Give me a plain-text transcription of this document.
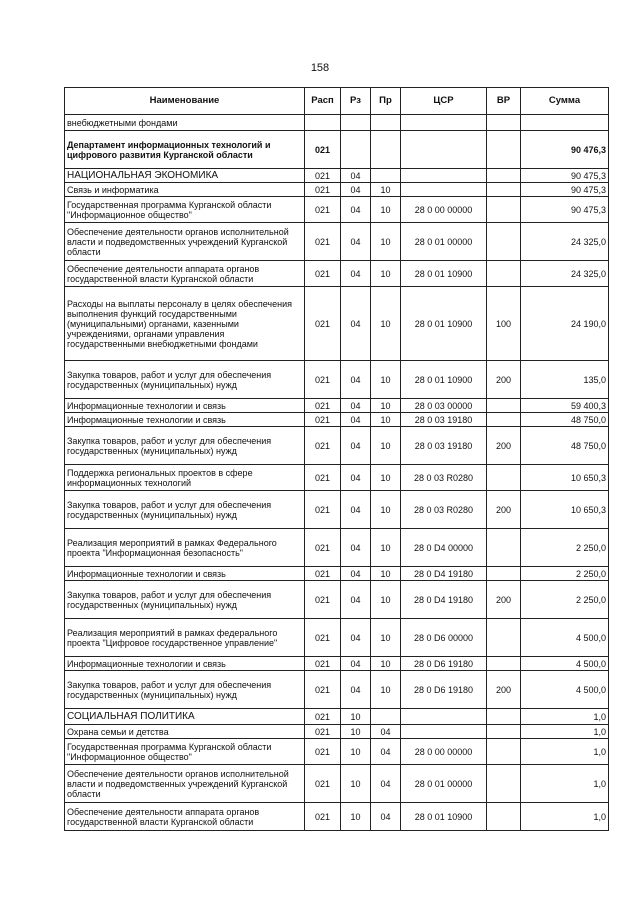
158
Наименование	Расп	Рз	Пр	ЦСР	ВР	Сумма
внебюджетными фондами						
Департамент информационных технологий и цифрового развития Курганской области	021					90 476,3
НАЦИОНАЛЬНАЯ ЭКОНОМИКА	021	04				90 475,3
Связь и информатика	021	04	10			90 475,3
Государственная программа Курганской области "Информационное общество"	021	04	10	28 0 00 00000		90 475,3
Обеспечение деятельности органов исполнительной власти и подведомственных учреждений Курганской области	021	04	10	28 0 01 00000		24 325,0
Обеспечение деятельности аппарата органов государственной власти Курганской области	021	04	10	28 0 01 10900		24 325,0
Расходы на выплаты персоналу в целях обеспечения выполнения функций государственными (муниципальными) органами, казенными учреждениями, органами управления государственными внебюджетными фондами	021	04	10	28 0 01 10900	100	24 190,0
Закупка товаров, работ и услуг для обеспечения государственных (муниципальных) нужд	021	04	10	28 0 01 10900	200	135,0
Информационные технологии и связь	021	04	10	28 0 03 00000		59 400,3
Информационные технологии и связь	021	04	10	28 0 03 19180		48 750,0
Закупка товаров, работ и услуг для обеспечения государственных (муниципальных) нужд	021	04	10	28 0 03 19180	200	48 750,0
Поддержка региональных проектов в сфере информационных технологий	021	04	10	28 0 03 R0280		10 650,3
Закупка товаров, работ и услуг для обеспечения государственных (муниципальных) нужд	021	04	10	28 0 03 R0280	200	10 650,3
Реализация мероприятий в рамках Федерального проекта "Информационная безопасность"	021	04	10	28 0 D4 00000		2 250,0
Информационные технологии и связь	021	04	10	28 0 D4 19180		2 250,0
Закупка товаров, работ и услуг для обеспечения государственных (муниципальных) нужд	021	04	10	28 0 D4 19180	200	2 250,0
Реализация мероприятий в рамках федерального проекта "Цифровое государственное управление"	021	04	10	28 0 D6 00000		4 500,0
Информационные технологии и связь	021	04	10	28 0 D6 19180		4 500,0
Закупка товаров, работ и услуг для обеспечения государственных (муниципальных) нужд	021	04	10	28 0 D6 19180	200	4 500,0
СОЦИАЛЬНАЯ ПОЛИТИКА	021	10				1,0
Охрана семьи и детства	021	10	04			1,0
Государственная программа Курганской области "Информационное общество"	021	10	04	28 0 00 00000		1,0
Обеспечение деятельности органов исполнительной власти и подведомственных учреждений Курганской области	021	10	04	28 0 01 00000		1,0
Обеспечение деятельности аппарата органов государственной власти Курганской области	021	10	04	28 0 01 10900		1,0
